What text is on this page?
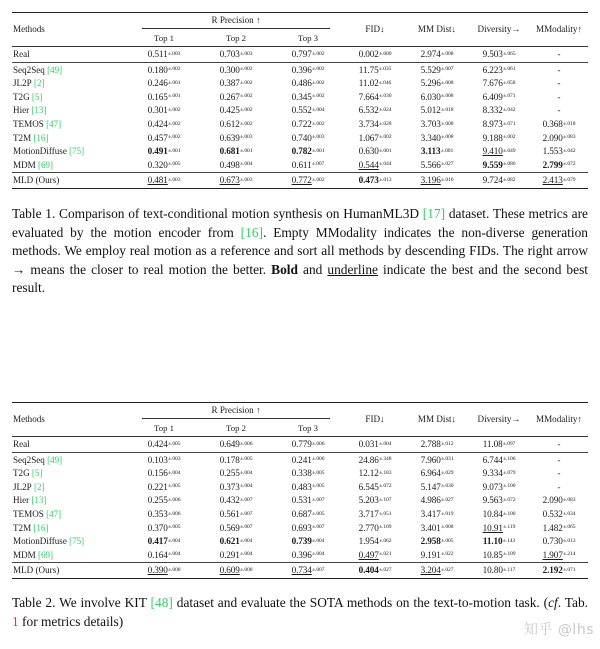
Methods	R Precision ↑			FID↓	MM Dist↓	Diversity→	MModality↑
	Top 1	Top 2	Top 3				

Real	$0.511^{\pm.003}$	$0.703^{\pm.003}$	$0.797^{\pm.002}$	$0.002^{\pm.000}$	$2.974^{\pm.008}$	$9.503^{\pm.065}$	-

Seq2Seq [49]	$0.180^{\pm.002}$	$0.300^{\pm.002}$	$0.396^{\pm.002}$	$11.75^{\pm.035}$	$5.529^{\pm.007}$	$6.223^{\pm.061}$	-
JL2P [2]	$0.246^{\pm.001}$	$0.387^{\pm.002}$	$0.486^{\pm.002}$	$11.02^{\pm.046}$	$5.296^{\pm.008}$	$7.676^{\pm.058}$	-
T2G [5]	$0.165^{\pm.001}$	$0.267^{\pm.002}$	$0.345^{\pm.002}$	$7.664^{\pm.030}$	$6.030^{\pm.008}$	$6.409^{\pm.071}$	-
Hier [13]	$0.301^{\pm.002}$	$0.425^{\pm.002}$	$0.552^{\pm.004}$	$6.532^{\pm.024}$	$5.012^{\pm.018}$	$8.332^{\pm.042}$	-
TEMOS [47]	$0.424^{\pm.002}$	$0.612^{\pm.002}$	$0.722^{\pm.002}$	$3.734^{\pm.028}$	$3.703^{\pm.008}$	$8.973^{\pm.071}$	$0.368^{\pm.018}$
T2M [16]	$0.457^{\pm.002}$	$0.639^{\pm.003}$	$0.740^{\pm.003}$	$1.067^{\pm.002}$	$3.340^{\pm.008}$	$9.188^{\pm.002}$	$2.090^{\pm.083}$
MotionDiffuse [75]	$0.491^{\pm.001}$	$0.681^{\pm.001}$	$0.782^{\pm.001}$	$0.630^{\pm.001}$	$3.113^{\pm.001}$	$9.410^{\pm.049}$	$1.553^{\pm.042}$
MDM [69]	$0.320^{\pm.005}$	$0.498^{\pm.004}$	$0.611^{\pm.007}$	$0.544^{\pm.044}$	$5.566^{\pm.027}$	$9.559^{\pm.086}$	$2.799^{\pm.072}$

MLD (Ours)	$0.481^{\pm.003}$	$0.673^{\pm.003}$	$0.772^{\pm.002}$	$0.473^{\pm.013}$	$3.196^{\pm.010}$	$9.724^{\pm.082}$	$2.413^{\pm.079}$

Table 1. Comparison of text-conditional motion synthesis on HumanML3D [17] dataset. These metrics are evaluated by the motion encoder from [16]. Empty MModality indicates the non-diverse generation methods. We employ real motion as a reference and sort all methods by descending FIDs. The right arrow → means the closer to real motion the better. Bold and underline indicate the best and the second best result.

Methods	R Precision ↑			FID↓	MM Dist↓	Diversity→	MModality↑
	Top 1	Top 2	Top 3				

Real	$0.424^{\pm.005}$	$0.649^{\pm.006}$	$0.779^{\pm.006}$	$0.031^{\pm.004}$	$2.788^{\pm.012}$	$11.08^{\pm.097}$	-

Seq2Seq [49]	$0.103^{\pm.003}$	$0.178^{\pm.005}$	$0.241^{\pm.006}$	$24.86^{\pm.348}$	$7.960^{\pm.031}$	$6.744^{\pm.106}$	-
T2G [5]	$0.156^{\pm.004}$	$0.255^{\pm.004}$	$0.338^{\pm.005}$	$12.12^{\pm.183}$	$6.964^{\pm.029}$	$9.334^{\pm.079}$	-
JL2P [2]	$0.221^{\pm.005}$	$0.373^{\pm.004}$	$0.483^{\pm.005}$	$6.545^{\pm.072}$	$5.147^{\pm.030}$	$9.073^{\pm.100}$	-
Hier [13]	$0.255^{\pm.006}$	$0.432^{\pm.007}$	$0.531^{\pm.007}$	$5.203^{\pm.107}$	$4.986^{\pm.027}$	$9.563^{\pm.072}$	$2.090^{\pm.083}$
TEMOS [47]	$0.353^{\pm.006}$	$0.561^{\pm.007}$	$0.687^{\pm.005}$	$3.717^{\pm.051}$	$3.417^{\pm.019}$	$10.84^{\pm.100}$	$0.532^{\pm.034}$
T2M [16]	$0.370^{\pm.005}$	$0.569^{\pm.007}$	$0.693^{\pm.007}$	$2.770^{\pm.109}$	$3.401^{\pm.008}$	$10.91^{\pm.119}$	$1.482^{\pm.065}$
MotionDiffuse [75]	$0.417^{\pm.004}$	$0.621^{\pm.004}$	$0.739^{\pm.004}$	$1.954^{\pm.062}$	$2.958^{\pm.005}$	$11.10^{\pm.143}$	$0.730^{\pm.013}$
MDM [69]	$0.164^{\pm.004}$	$0.291^{\pm.004}$	$0.396^{\pm.004}$	$0.497^{\pm.021}$	$9.191^{\pm.022}$	$10.85^{\pm.109}$	$1.907^{\pm.214}$

MLD (Ours)	$0.390^{\pm.008}$	$0.609^{\pm.008}$	$0.734^{\pm.007}$	$0.404^{\pm.027}$	$3.204^{\pm.027}$	$10.80^{\pm.117}$	$2.192^{\pm.071}$

Table 2. We involve KIT [48] dataset and evaluate the SOTA methods on the text-to-motion task. (cf. Tab. 1 for metrics details)
知乎 @lhs
